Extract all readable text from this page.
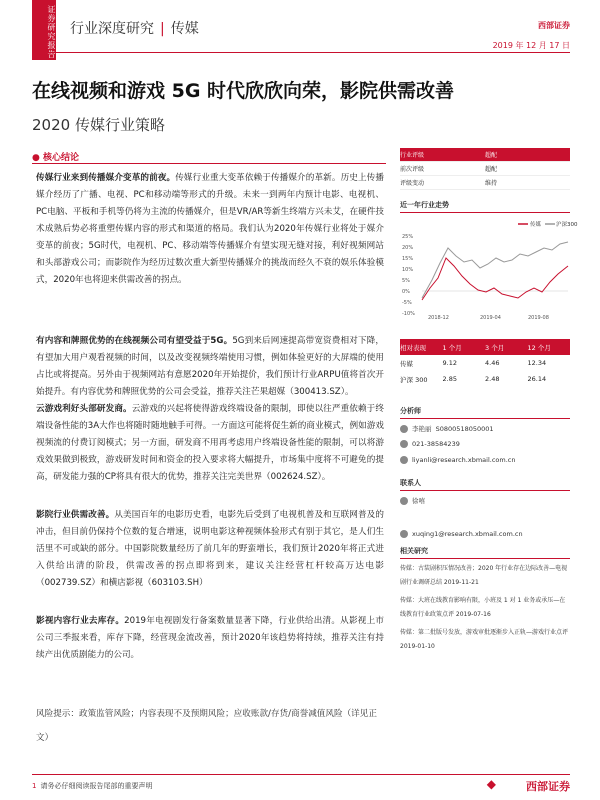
证券研究报告 行业深度研究 | 传媒	西部证券
2019 年 12 月 17 日
在线视频和游戏 5G 时代欣欣向荣，影院供需改善
2020 传媒行业策略
● 核心结论
传媒行业来到传播媒介变革的前夜。传媒行业重大变革依赖于传播媒介的革新。历史上传播媒介经历了广播、电视、PC和移动端等形式的升级。未来一到两年内预计电影、电视机、PC电脑、平板和手机等仍将为主流的传播媒介，但是VR/AR等新生终端方兴未艾，在硬件技术成熟后势必将重塑传媒内容的形式和渠道的格局。我们认为2020年传媒行业将处于媒介变革的前夜；5G时代，电视机、PC、移动端等传播媒介有望实现无缝对接，利好视频网站和头部游戏公司；而影院作为经历过数次重大新型传播媒介的挑战而经久不衰的娱乐体验模式，2020年也将迎来供需改善的拐点。
有内容和牌照优势的在线视频公司有望受益于5G。5G到来后网速提高带宽资费相对下降，有望加大用户观看视频的时间，以及改变视频终端使用习惯，例如体验更好的大屏端的使用占比或将提高。另外由于视频网站有意愿2020年开始提价，我们预计行业ARPU值将首次开始提升。有内容优势和牌照优势的公司会受益，推荐关注芒果超媒（300413.SZ）。
云游戏利好头部研发商。云游戏的兴起将使得游戏终端设备的限制，即使以往严重依赖于终端设备性能的3A大作也将随时随地触手可得。一方面这可能将促生新的商业模式，例如游戏视频流的付费订阅模式；另一方面，研发商不用再考虑用户终端设备性能的限制，可以将游戏效果做到极致，游戏研发时间和资金的投入要求将大幅提升，市场集中度将不可避免的提高，研发能力强的CP将具有很大的优势，推荐关注完美世界（002624.SZ）。
影院行业供需改善。从美国百年的电影历史看，电影先后受到了电视机普及和互联网普及的冲击，但目前仍保持个位数的复合增速，说明电影这种视频体验形式有别于其它，是人们生活里不可或缺的部分。中国影院数量经历了前几年的野蛮增长，我们预计2020年将正式进入供给出清的阶段，供需改善的拐点即将到来，建议关注经营杠杆较高万达电影（002739.SZ）和横店影视（603103.SH）
影视内容行业去库存。2019年电视剧发行备案数量显著下降，行业供给出清。从影视上市公司三季报来看，库存下降，经营现金流改善，预计2020年该趋势将持续，推荐关注有持续产出优质剧能力的公司。
风险提示：政策监管风险；内容表现不及预期风险；应收账款/存货/商誉减值风险（详见正文）
行业评级	超配
前次评级	超配
评级变动	维持
近一年行业走势
传媒	沪深300
25%
20%
15%
10%
5%
0%
-5%
-10%
2018-12	2019-04	2019-08
相对表现	1 个月	3 个月	12 个月
传媒	9.12	4.46	12.34
沪深 300	2.85	2.48	26.14
分析师
李艳丽 S0800518050001
021-38584239
liyanli@research.xbmail.com.cn
联系人
徐嘻
xuqing1@research.xbmail.com.cn
相关研究
传媒：古装剧积压情况改善；2020 年行业存在边际改善—电视剧行业调研总结 2019-11-21
传媒：大班在线教育影响有限，小班及 1 对 1 业务或承压—在线教育行业政策点评 2019-07-16
传媒：第二批版号发放，游戏审批逐渐步入正轨—游戏行业点评 2019-01-10
1 请务必仔细阅读报告尾部的重要声明	◆	西部证券
